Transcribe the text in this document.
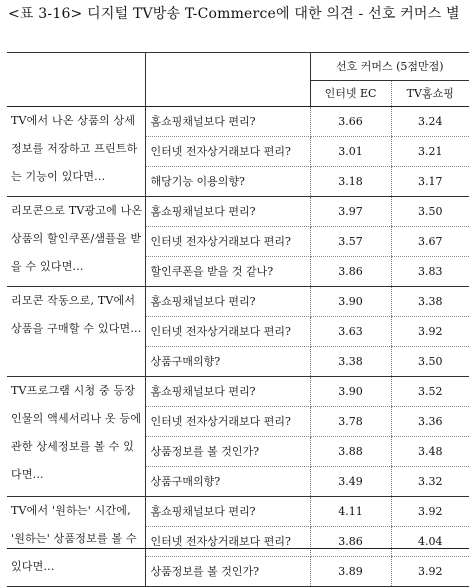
<표 3-16> 디지털 TV방송 T-Commerce에 대한 의견 - 선호 커머스 별
		선호 커머스 (5점만점)	
		인터넷 EC	TV홈쇼핑
TV에서 나온 상품의 상세정보를 저장하고 프린트하는 기능이 있다면...	홈쇼핑채널보다 편리?	3.66	3.24
	인터넷 전자상거래보다 편리?	3.01	3.21
	해당기능 이용의향?	3.18	3.17
리모콘으로 TV광고에 나온 상품의 할인쿠폰/샘플을 받을 수 있다면...	홈쇼핑채널보다 편리?	3.97	3.50
	인터넷 전자상거래보다 편리?	3.57	3.67
	할인쿠폰을 받을 것 같나?	3.86	3.83
리모콘 작동으로, TV에서 상품을 구매할 수 있다면...	홈쇼핑채널보다 편리?	3.90	3.38
	인터넷 전자상거래보다 편리?	3.63	3.92
	상품구매의향?	3.38	3.50
TV프로그램 시청 중 등장인물의 액세서리나 옷 등에 관한 상세정보를 볼 수 있다면...	홈쇼핑채널보다 편리?	3.90	3.52
	인터넷 전자상거래보다 편리?	3.78	3.36
	상품정보를 볼 것인가?	3.88	3.48
	상품구매의향?	3.49	3.32
TV에서 '원하는' 시간에, '원하는' 상품정보를 볼 수 있다면...	홈쇼핑채널보다 편리?	4.11	3.92
	인터넷 전자상거래보다 편리?	3.86	4.04
	상품정보를 볼 것인가?	3.89	3.92
